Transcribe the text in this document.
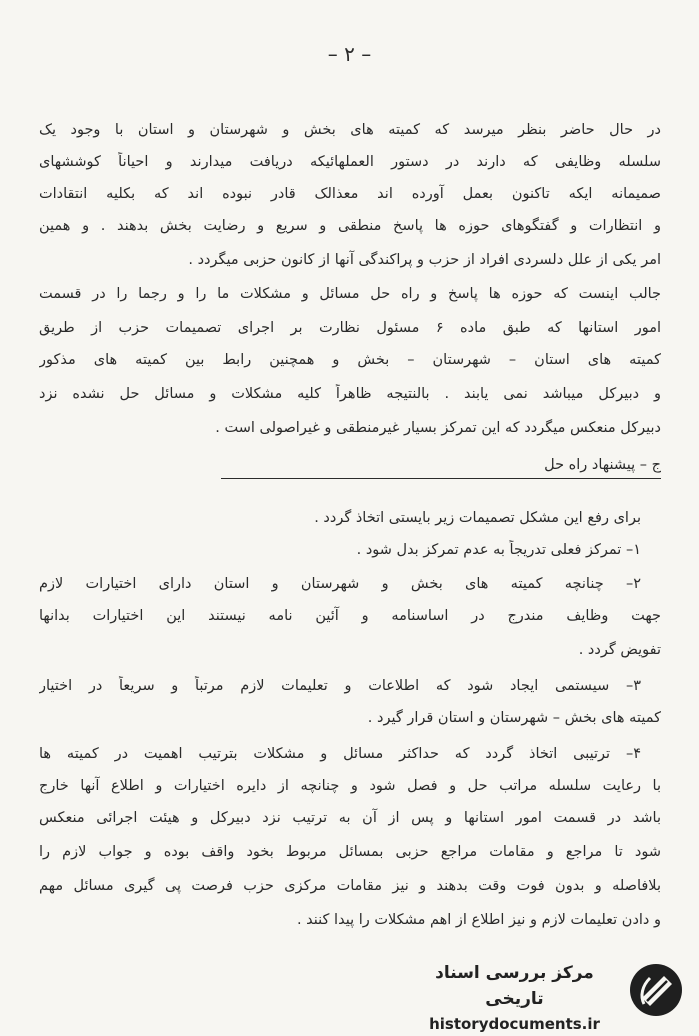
– ۲ –
در حال حاضر بنظر میرسد که کمیته های بخش و شهرستان و استان با وجود یک
سلسله وظایفی که دارند در دستور العملهائیکه دریافت میدارند و احیاناً کوششهای
صمیمانه ایکه تاکنون بعمل آورده اند معذالک قادر نبوده اند که بکلیه انتقادات
و انتظارات و گفتگوهای حوزه ها پاسخ منطقی و سریع و رضایت بخش بدهند . و همین
امر یکی از علل دلسردی افراد از حزب و پراکندگی آنها از کانون حزبی میگردد .
جالب اینست که حوزه ها پاسخ و راه حل مسائل و مشکلات ما را و رجما را در قسمت
امور استانها که طبق ماده ۶ مسئول نظارت بر اجرای تصمیمات حزب از طریق
کمیته های استان – شهرستان – بخش و همچنین رابط بین کمیته های مذکور
و دبیرکل میباشد نمی یابند . بالنتیجه ظاهراً کلیه مشکلات و مسائل حل نشده نزد
دبیرکل منعکس میگردد که این تمرکز بسیار غیرمنطقی و غیراصولی است .
ج – پیشنهاد راه حل
برای رفع این مشکل تصمیمات زیر بایستی اتخاذ گردد .
۱– تمرکز فعلی تدریجاً به عدم تمرکز بدل شود .
۲– چنانچه کمیته های بخش و شهرستان و استان دارای اختیارات لازم
جهت وظایف مندرج در اساسنامه و آئین نامه نیستند این اختیارات بدانها
تفویض گردد .
۳– سیستمی ایجاد شود که اطلاعات و تعلیمات لازم مرتباً و سریعاً در اختیار
کمیته های بخش – شهرستان و استان قرار گیرد .
۴– ترتیبی اتخاذ گردد که حداکثر مسائل و مشکلات بترتیب اهمیت در کمیته ها
با رعایت سلسله مراتب حل و فصل شود و چنانچه از دایره اختیارات و اطلاع آنها خارج
باشد در قسمت امور استانها و پس از آن به ترتیب نزد دبیرکل و هیئت اجرائی منعکس
شود تا مراجع و مقامات مراجع حزبی بمسائل مربوط بخود واقف بوده و جواب لازم را
بلافاصله و بدون فوت وقت بدهند و نیز مقامات مرکزی حزب فرصت پی گیری مسائل مهم
و دادن تعلیمات لازم و نیز اطلاع از اهم مشکلات را پیدا کنند .
مرکز بررسی اسناد تاریخی
historydocuments.ir
